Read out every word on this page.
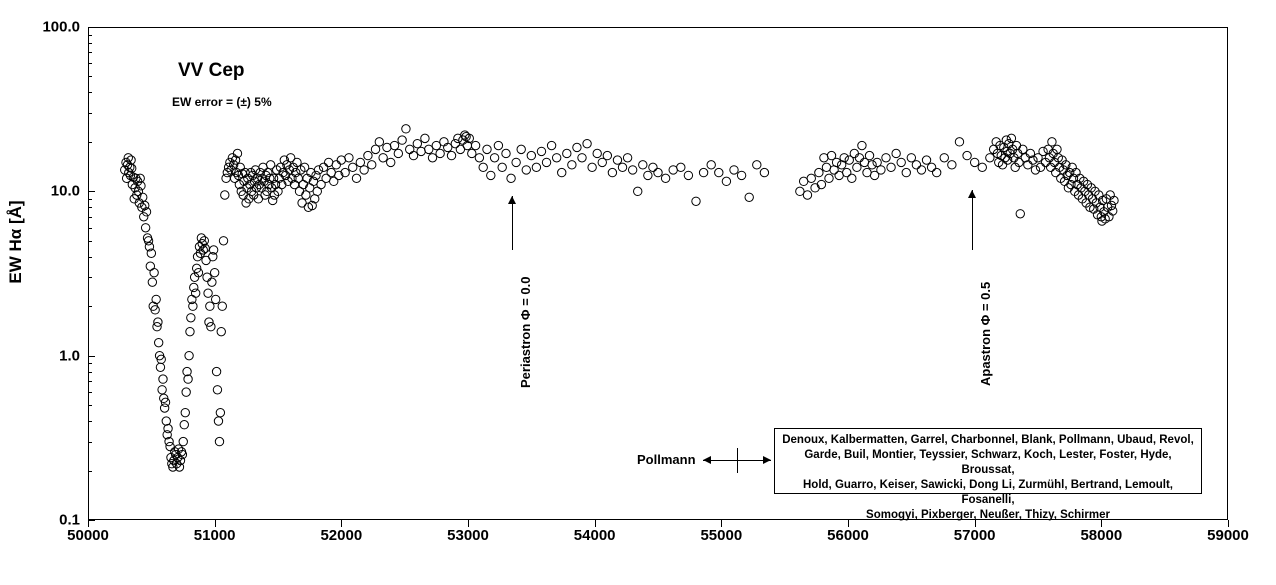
EW Hα [Å]
100.0
10.0
1.0
0.1
50000	51000	52000	53000	54000	55000	56000	57000	58000	59000
VV Cep
EW error = (±) 5%
Periastron Φ = 0.0	Apastron Φ = 0.5
Pollmann
Denoux, Kalbermatten, Garrel, Charbonnel, Blank, Pollmann, Ubaud, Revol,
Garde, Buil, Montier, Teyssier, Schwarz, Koch, Lester, Foster, Hyde, Broussat,
Hold, Guarro, Keiser, Sawicki, Dong Li, Zurmühl, Bertrand, Lemoult, Fosanelli,
Somogyi, Pixberger, Neußer, Thizy, Schirmer
